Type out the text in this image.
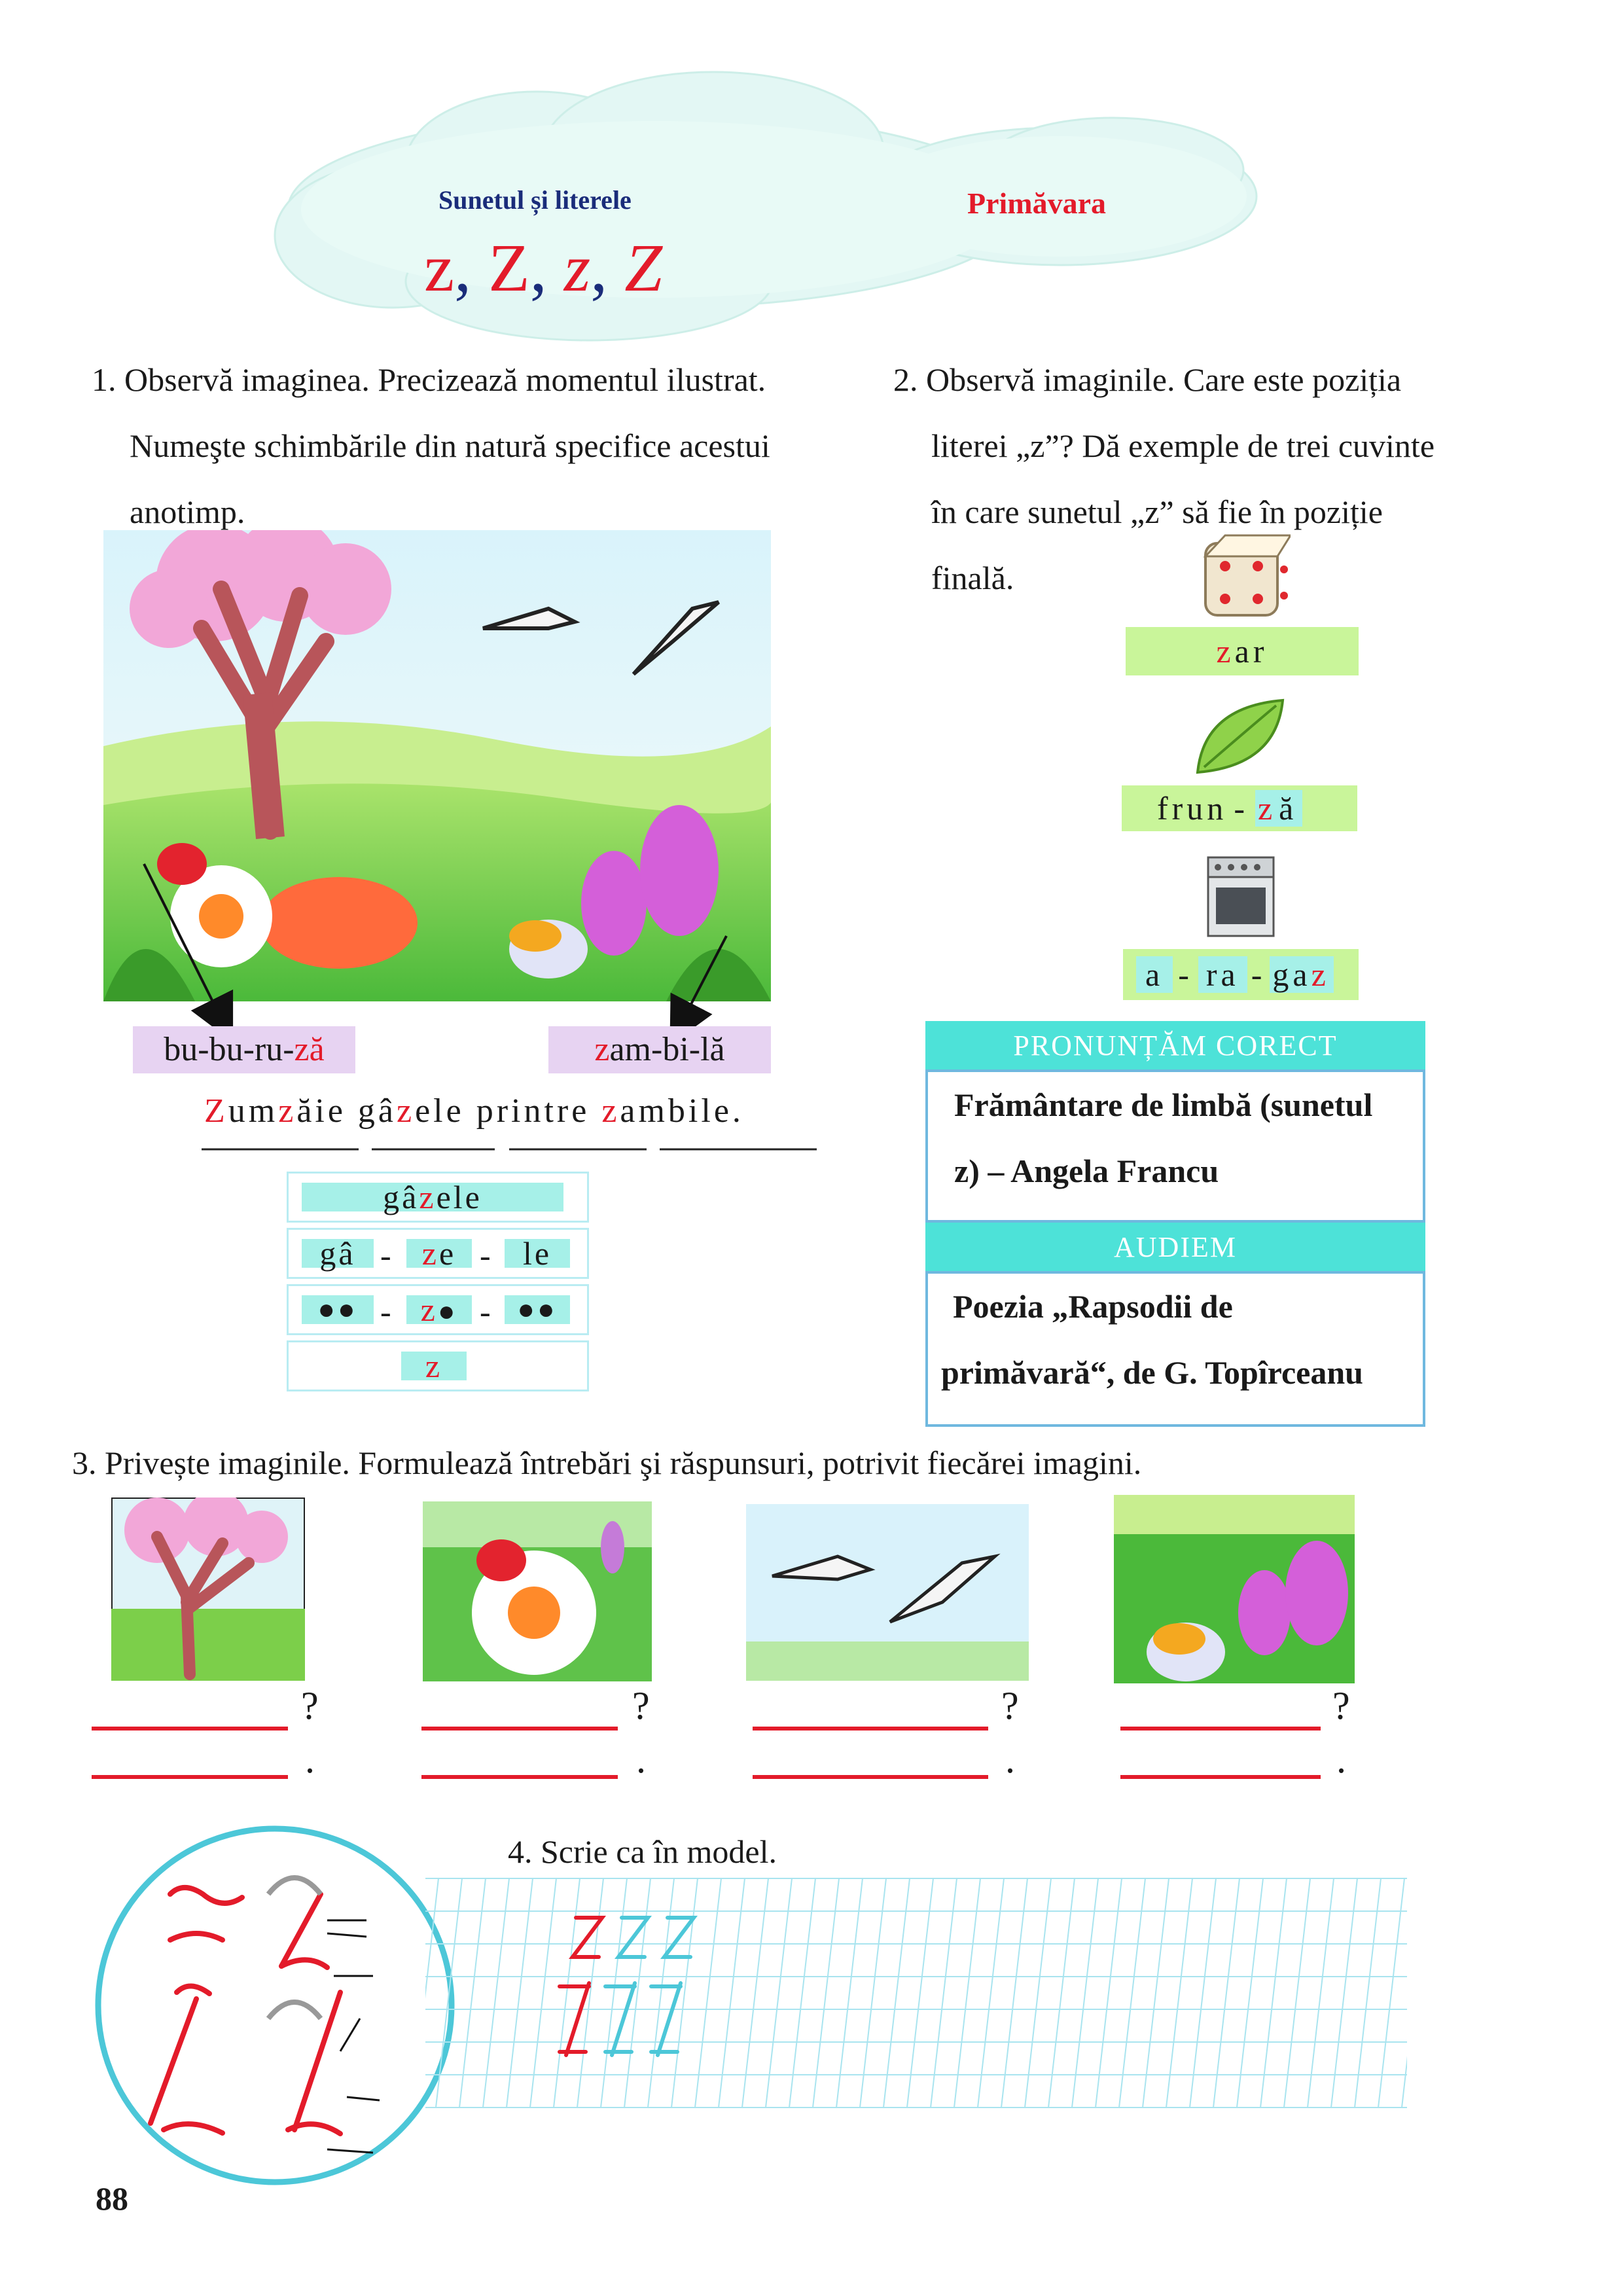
Sunetul și literele
z, Z, z, Z
Primăvara
1. Observă imaginea. Precizează momentul ilustrat.
Numeşte schimbările din natură specifice acestui
anotimp.
bu-bu-ru-ză	zam-bi-lă
Zumzăie gâzele printre zambile.
gâzele
gâ - ze - le
●● - z● - ●●
z
2. Observă imaginile. Care este poziția
literei „z”? Dă exemple de trei cuvinte
în care sunetul „z” să fie în poziție
finală.
zar
frun - ză
a - ra - gaz
PRONUNȚĂM CORECT
Frământare de limbă (sunetul
z) – Angela Francu
AUDIEM
Poezia „Rapsodii de
primăvară“, de G. Topîrceanu
3. Privește imaginile. Formulează întrebări şi răspunsuri, potrivit fiecărei imagini.
?
.
?
.
?
.
?
.
4. Scrie ca în model.
88
